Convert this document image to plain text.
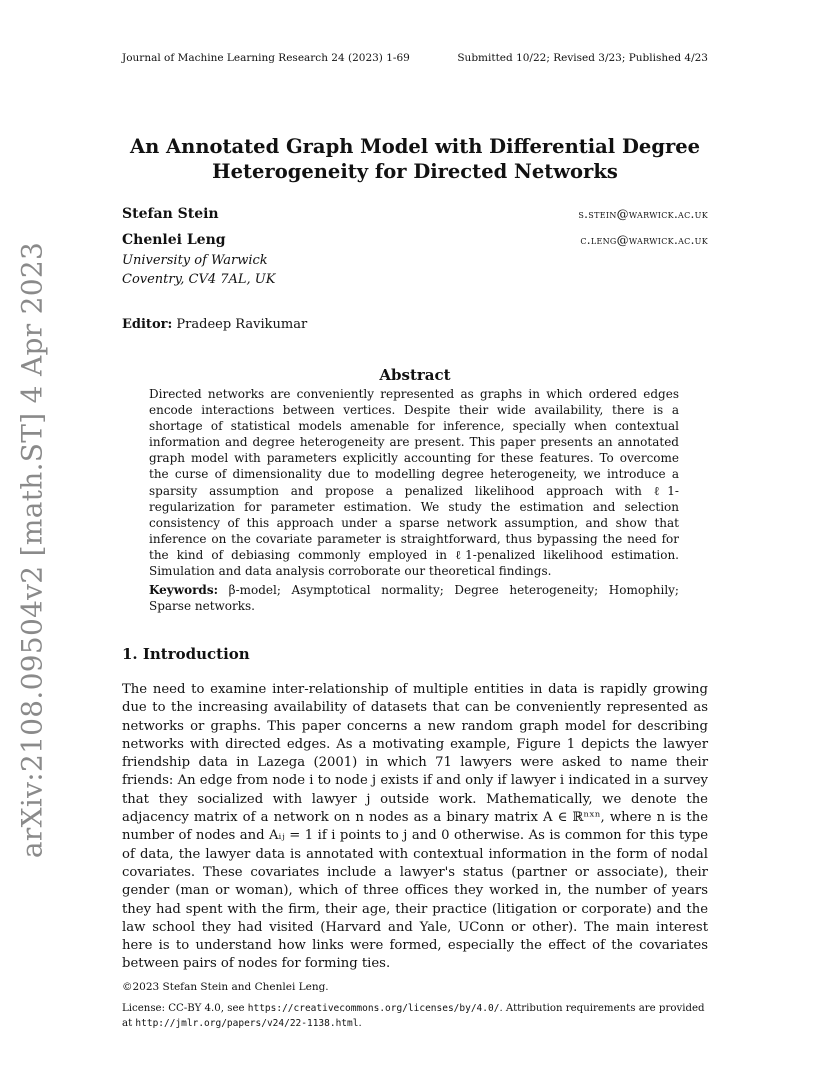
Journal of Machine Learning Research 24 (2023) 1-69	Submitted 10/22; Revised 3/23; Published 4/23
arXiv:2108.09504v2 [math.ST] 4 Apr 2023
An Annotated Graph Model with Differential Degree
Heterogeneity for Directed Networks
Stefan Stein	s.stein@warwick.ac.uk
Chenlei Leng	c.leng@warwick.ac.uk
University of Warwick
Coventry, CV4 7AL, UK
Editor: Pradeep Ravikumar
Abstract
Directed networks are conveniently represented as graphs in which ordered edges encode interactions between vertices. Despite their wide availability, there is a shortage of statistical models amenable for inference, specially when contextual information and degree heterogeneity are present. This paper presents an annotated graph model with parameters explicitly accounting for these features. To overcome the curse of dimensionality due to modelling degree heterogeneity, we introduce a sparsity assumption and propose a penalized likelihood approach with ℓ1-regularization for parameter estimation. We study the estimation and selection consistency of this approach under a sparse network assumption, and show that inference on the covariate parameter is straightforward, thus bypassing the need for the kind of debiasing commonly employed in ℓ1-penalized likelihood estimation. Simulation and data analysis corroborate our theoretical findings.
Keywords: β-model; Asymptotical normality; Degree heterogeneity; Homophily; Sparse networks.
1. Introduction
The need to examine inter-relationship of multiple entities in data is rapidly growing due to the increasing availability of datasets that can be conveniently represented as networks or graphs. This paper concerns a new random graph model for describing networks with directed edges. As a motivating example, Figure 1 depicts the lawyer friendship data in Lazega (2001) in which 71 lawyers were asked to name their friends: An edge from node i to node j exists if and only if lawyer i indicated in a survey that they socialized with lawyer j outside work. Mathematically, we denote the adjacency matrix of a network on n nodes as a binary matrix A ∈ ℝⁿˣⁿ, where n is the number of nodes and Aᵢⱼ = 1 if i points to j and 0 otherwise. As is common for this type of data, the lawyer data is annotated with contextual information in the form of nodal covariates. These covariates include a lawyer's status (partner or associate), their gender (man or woman), which of three offices they worked in, the number of years they had spent with the firm, their age, their practice (litigation or corporate) and the law school they had visited (Harvard and Yale, UConn or other). The main interest here is to understand how links were formed, especially the effect of the covariates between pairs of nodes for forming ties.
©2023 Stefan Stein and Chenlei Leng.
License: CC-BY 4.0, see https://creativecommons.org/licenses/by/4.0/. Attribution requirements are provided at http://jmlr.org/papers/v24/22-1138.html.
